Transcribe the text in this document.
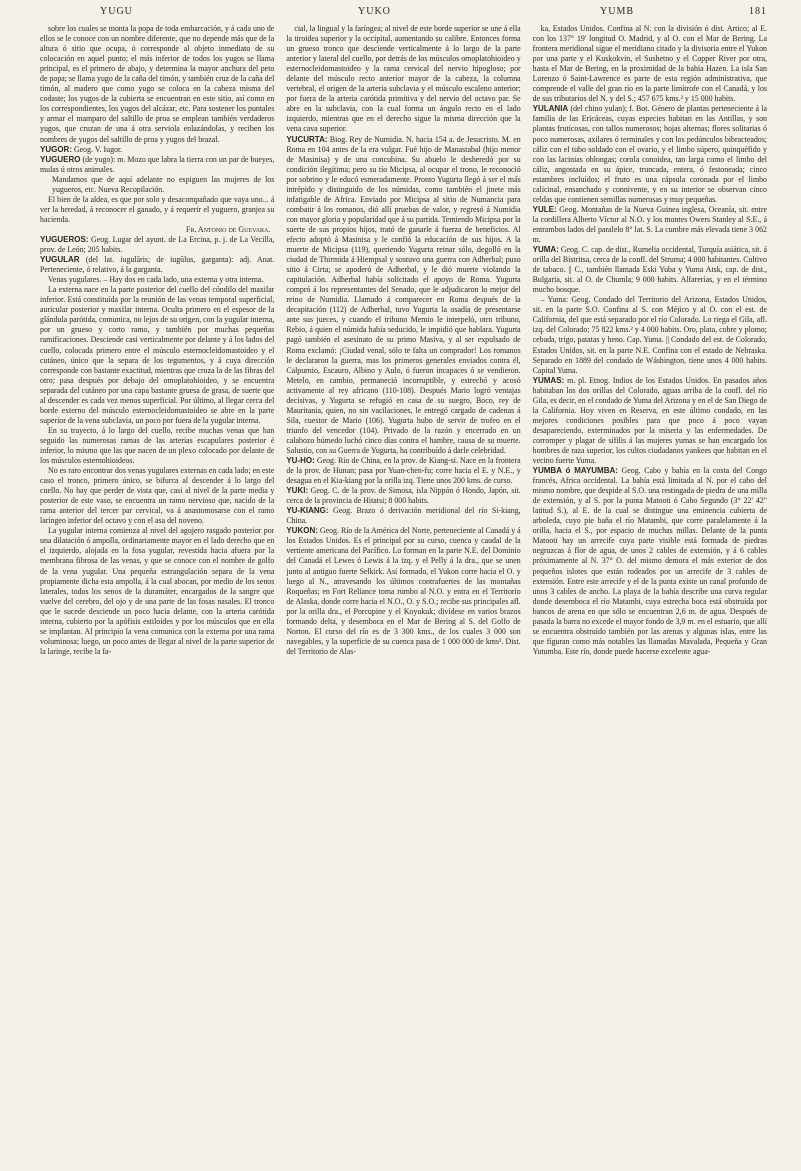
YUGU	YUKO	YUMB	181

sobre los cuales se monta la popa de toda embarcación, y á cada uno de ellos se le conoce con un nombre diferente, que no depende más que de la altura ó sitio que ocupa, ó corresponde al objeto inmediato de su colocación en aquel punto; el más inferior de todos los yugos se llama principal, es el primero de abajo, y determina la mayor anchura del peto de popa; se llama yugo de la caña del timón, y también cruz de la caña del timón, al madero que como yugo se coloca en la cabeza misma del codaste; los yugos de la cubierta se encuentran en este sitio, así como en los correspondientes, los yugos del alcázar, etc. Para sostener los puntales y armar el mamparo del saltillo de proa se emplean también verdaderos yugos, que cruzan de una á otra serviola enlazándolas, y reciben los nombres de yugos del saltillo de proa y yugos del brazal.

YUGOR: Geog. V. Iugor.

YUGUERO (de yugo): m. Mozo que labra la tierra con un par de bueyes, mulas ú otros animales.

Mandamos que de aquí adelante no espiguen las mujeres de los yugueros, etc. Nueva Recopilación.

El bien de la aldea, es que por solo y desacompañado que vaya uno... á ver la heredad, á reconocer el ganado, y á requerir el yuguero, granjea su hacienda.

Fr. Antonio de Guevara.

YUGUEROS: Geog. Lugar del ayunt. de La Ercina, p. j. de La Vecilla, prov. de León; 205 habits.

YUGULAR (del lat. iugulāris; de iugŭlus, garganta): adj. Anat. Perteneciente, ó relativo, á la garganta.

Venas yugulares. – Hay dos en cada lado, una externa y otra interna.

La externa nace en la parte posterior del cuello del cóndilo del maxilar inferior. Está constituída por la reunión de las venas temporal superficial, auricular posterior y maxilar interna. Oculta primero en el espesor de la glándula parótida, comunica, no lejos de su origen, con la yugular interna, por un grueso y corto ramo, y también por muchas pequeñas ramificaciones. Desciende casi verticalmente por delante y á los lados del cuello, colocada primero entre el músculo esternocleidomastoideo y el cutáneo, único que la separa de los tegumentos, y á cuya dirección corresponde con bastante exactitud, mientras que cruza la de las fibras del otro; pasa después por debajo del omoplatohioideo, y se encuentra separada del cutáneo por una capa bastante gruesa de grasa, de suerte que al descender es cada vez menos superficial. Por último, al llegar cerca del borde externo del músculo esternocleidomastoideo se abre en la parte superior de la vena subclavia, un poco por fuera de la yugular interna.

En su trayecto, á lo largo del cuello, recibe muchas venas que han seguido las numerosas ramas de las arterias escapulares posterior é inferior, lo mismo que las que nacen de un plexo colocado por delante de los músculos esternohioideos.

No es raro encontrar dos venas yugulares externas en cada lado; en este caso el tronco, primero único, se bifurca al descender á lo largo del cuello. No hay que perder de vista que, casi al nivel de la parte media y posterior de este vaso, se encuentra un ramo nervioso que, nacido de la rama anterior del tercer par cervical, va á anastomosarse con el ramo laríngeo inferior del octavo y con el asa del noveno.

La yugular interna comienza al nivel del agujero rasgado posterior por una dilatación ó ampolla, ordinariamente mayor en el lado derecho que en el izquierdo, alojada en la fosa yugular, revestida hacia afuera por la membrana fibrosa de las venas, y que se conoce con el nombre de golfo de la vena yugular. Una pequeña estrangulación separa de la vena propiamente dicha esta ampolla, á la cual abocan, por medio de los senos laterales, todos los senos de la duramáter, encargados de la sangre que vuelve del cerebro, del ojo y de una parte de las fosas nasales. El tronco que le sucede desciende un poco hacia delante, con la arteria carótida interna, cubierto por la apófisis estiloides y por los músculos que en ella se implantan. Al principio la vena comunica con la externa por una rama voluminosa; luego, un poco antes de llegar al nivel de la parte superior de la laringe, recibe la fa-

cial, la lingual y la faríngea; al nivel de este borde superior se une á ella la tiroidea superior y la occipital, aumentando su calibre. Entonces forma un grueso tronco que desciende verticalmente á lo largo de la parte anterior y lateral del cuello, por detrás de los músculos omoplatohioideo y esternocleidomastoideo y la rama cervical del nervio hipogloso; por delante del músculo recto anterior mayor de la cabeza, la columna vertebral, el origen de la arteria subclavia y el músculo escaleno anterior; por fuera de la arteria carótida primitiva y del nervio del octavo par. Se abre en la subclavia, con la cual forma un ángulo recto en el lado izquierdo, mientras que en el derecho sigue la misma dirección que la vena cava superior.

YUCURTA: Biog. Rey de Numidia. N. hacia 154 a. de Jesucristo. M. en Roma en 104 antes de la era vulgar. Fué hijo de Manastabal (hijo menor de Masinisa) y de una concubina. Su abuelo le desheredó por su condición ilegítima; pero su tío Micipsa, al ocupar el trono, le reconoció por sobrino y le educó esmeradamente. Pronto Yugurta llegó á ser el más intrépido y distinguido de los númidas, como también el jinete más infatigable de Africa. Enviado por Micipsa al sitio de Numancia para combatir á los romanos, dió allí pruebas de valor, y regresó á Numidia con mayor gloria y popularidad que á su partida. Temiendo Micipsa por la suerte de sus propios hijos, trató de ganarle á fuerza de beneficios. Al efecto adoptó á Masinisa y le confió la educación de sus hijos. A la muerte de Micipsa (119), queriendo Yugurta reinar sólo, degolló en la ciudad de Thirmida á Hiempsal y sostuvo una guerra con Adherbal; puso sitio á Cirta; se apoderó de Adherbal, y le dió muerte violando la capitulación. Adherbal había solicitado el apoyo de Roma. Yugurta compró á los representantes del Senado, que le adjudicaron lo mejor del reino de Numidia. Llamado á comparecer en Roma después de la decapitación (112) de Adherbal, tuvo Yugurta la osadía de presentarse ante sus jueces, y cuando el tribuno Memio le interpeló, otro tribuno, Rebio, á quien el númida había seducido, le impidió que hablara. Yugurta pagó también el asesinato de su primo Masiva, y al ser expulsado de Roma exclamó: ¡Ciudad venal, sólo te falta un comprador! Los romanos le declararon la guerra, mas los primeros generales enviados contra él, Calpurnio, Escauro, Albino y Aulo, ó fueron incapaces ó se vendieron. Metelo, en cambio, permaneció incorruptible, y estrechó y acosó activamente al rey africano (110-108). Después Mario logró ventajas decisivas, y Yugurta se refugió en casa de su suegro, Boco, rey de Mauritania, quien, no sin vacilaciones, le entregó cargado de cadenas á Sila, cuestor de Mario (106). Yugurta hubo de servir de trofeo en el triunfo del vencedor (104). Privado de la razón y encerrado en un calabozo húmedo luchó cinco días contra el hambre, causa de su muerte. Salustio, con su Guerra de Yugurta, ha contribuído á darle celebridad.

YU-HO: Geog. Río de China, en la prov. de Kiang-si. Nace en la frontera de la prov. de Hunan; pasa por Yuan-chen-fu; corre hacia el E. y N.E., y desagua en el Kia-kiang por la orilla izq. Tiene unos 200 kms. de curso.

YUKI: Geog. C. de la prov. de Simosa, isla Nippón ó Hondo, Japón, sit. cerca de la provincia de Hitatsi; 8 000 habits.

YU-KIANG: Geog. Brazo ó derivación meridional del río Si-kiang, China.

YUKON: Geog. Río de la América del Norte, perteneciente al Canadá y á los Estados Unidos. Es el principal por su curso, cuenca y caudal de la vertiente americana del Pacífico. Lo forman en la parte N.E. del Dominio del Canadá el Lewes ó Lewis á la izq. y el Pelly á la dra., que se unen junto al antiguo fuerte Selkirk. Así formado, el Yukon corre hacia el O. y luego al N., atravesando los últimos contrafuertes de las montañas Roqueñas; en Fort Reliance toma rumbo al N.O. y entra en el Territorio de Alaska, donde corre hacia el N.O., O. y S.O.; recibe sus principales afl. por la orilla dra., el Porcupine y el Koyukuk; divídese en varios brazos formando delta, y desemboca en el Mar de Bering al S. del Golfo de Norton. El curso del río es de 3 300 kms., de los cuales 3 000 son navegables, y la superficie de su cuenca pasa de 1 000 000 de kms². Dist. del Territorio de Alas-

ka, Estados Unidos. Confina al N. con la división ó dist. Artico; al E. con los 137° 19' longitud O. Madrid, y al O. con el Mar de Bering. La frontera meridional sigue el meridiano citado y la divisoria entre el Yukon por una parte y el Kuskokvin, el Sushetno y el Copper River por otra, hasta el Mar de Bering, en la proximidad de la bahía Hazen. La isla San Lorenzo ó Saint-Lawrence es parte de esta región administrativa, que comprende el valle del gran río en la parte limítrofe con el Canadá, y los de sus tributarios del N. y del S.; 457 675 kms.² y 15 000 habits.

YULANIA (del chino yulan); f. Bot. Género de plantas perteneciente á la familia de las Ericáceas, cuyas especies habitan en las Antillas, y son plantas fruticosas, con tallos numerosos; hojas alternas; flores solitarias ó poco numerosas, axilares ó terminales y con los pedúnculos bibracteados; cáliz con el tubo soldado con el ovario, y el limbo súpero, quinquéfido y con las lacinias oblongas; corola conoidea, tan larga como el limbo del cáliz, angostada en su ápice, truncada, entera, ó festoneada; cinco estambres incluídos; el fruto es una cápsula coronada por el limbo calicinal, ensanchado y connivente, y en su interior se observan cinco celdas que contienen semillas numerosas y muy pequeñas.

YULE: Geog. Montañas de la Nueva Guinea inglesa, Oceanía, sit. entre la cordillera Alberto Víctor al N.O. y los montes Owers Stanley al S.E., á entrambos lados del paralelo 8° lat. S. La cumbre más elevada tiene 3 062 m.

YUMA: Geog. C. cap. de dist., Rumelia occidental, Turquía asiática, sit. á orilla del Bistritsa, cerca de la confl. del Struma; 4 000 habitantes. Cultivo de tabaco. || C., también llamada Eski Yuba y Yuma Atsk, cap. de dist., Bulgaria, sit. al O. de Chumla; 9 000 habits. Alfarerías, y en el término mucho bosque.

– Yuma: Geog. Condado del Territorio del Arizona, Estados Unidos, sit. en la parte S.O. Confina al S. con Méjico y al O. con el est. de California, del que está separado por el río Colorado. Lo riega el Gila, afl. izq. del Colorado; 75 822 kms.² y 4 000 habits. Oro, plata, cobre y plomo; cebada, trigo, patatas y heno. Cap. Yuma. || Condado del est. de Colorado, Estados Unidos, sit. en la parte N.E. Confina con el estado de Nebraska. Separado en 1889 del condado de Wáshington, tiene unos 4 000 habits. Capital Yuma.

YUMAS: m. pl. Etnog. Indios de los Estados Unidos. En pasados años habitaban los dos orillas del Colorado, aguas arriba de la confl. del río Gila, es decir, en el condado de Yuma del Arizona y en el de San Diego de la California. Hoy viven en Reserva, en este último condado, en las mejores condiciones posibles para que poco á poco vayan desapareciendo, exterminados por la miseria y las enfermedades. De corromper y plagar de sífilis á las mujeres yumas se han encargado los hombres de raza superior, los cultos ciudadanos yankees que habitan en el vecino fuerte Yuma.

YUMBA ó MAYUMBA: Geog. Cabo y bahía en la costa del Congo francés, Africa occidental. La bahía está limitada al N. por el cabo del mismo nombre, que despide al S.O. una restingada de piedra de una milla de extensión, y al S. por la punta Matooti ó Cabo Segundo (3° 22' 42" latitud S.), al E. de la cual se distingue una eminencia cubierta de arboleda, cuyo pie baña el río Matambi, que corre paralelamente á la orilla, hacia el S., por espacio de muchas millas. Delante de la punta Matooti hay un arrecife cuya parte visible está formada de piedras negruzcas á flor de agua, de unos 2 cables de extensión, y á 6 cables próximamente al N. 37° O. del mismo demora el más exterior de dos pequeños islotes que están rodeados por un arrecife de 3 cables de extensión. Entre este arrecife y el de la punta existe un canal profundo de unos 3 cables de ancho. La playa de la bahía describe una curva regular donde desemboca el río Matambi, cuya estrecha boca está obstruída por bancos de arena en que sólo se encuentran 2,6 m. de agua. Después de pasada la barra no excede el mayor fondo de 3,9 m. en el estuario, que allí se encuentra obstruído también por las arenas y algunas islas, entre las que figuran como más notables las llamadas Mavalada, Pequeña y Gran Yutumba. Este río, donde puede hacerse excelente agua-
